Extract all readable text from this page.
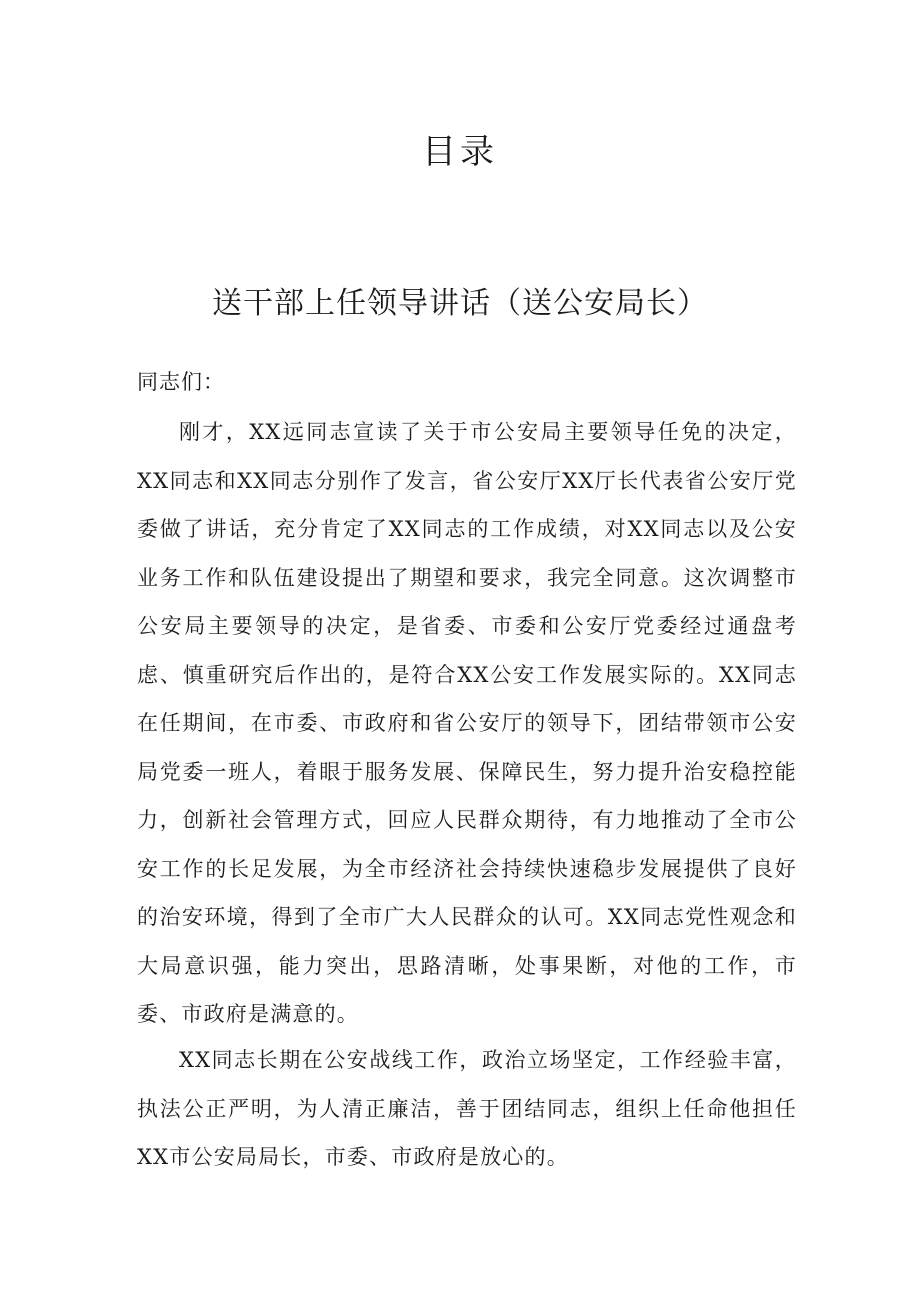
目录
送干部上任领导讲话（送公安局长）
同志们：

刚才，XX远同志宣读了关于市公安局主要领导任免的决定，XX同志和XX同志分别作了发言，省公安厅XX厅长代表省公安厅党委做了讲话，充分肯定了XX同志的工作成绩，对XX同志以及公安业务工作和队伍建设提出了期望和要求，我完全同意。这次调整市公安局主要领导的决定，是省委、市委和公安厅党委经过通盘考虑、慎重研究后作出的，是符合XX公安工作发展实际的。XX同志在任期间，在市委、市政府和省公安厅的领导下，团结带领市公安局党委一班人，着眼于服务发展、保障民生，努力提升治安稳控能力，创新社会管理方式，回应人民群众期待，有力地推动了全市公安工作的长足发展，为全市经济社会持续快速稳步发展提供了良好的治安环境，得到了全市广大人民群众的认可。XX同志党性观念和大局意识强，能力突出，思路清晰，处事果断，对他的工作，市委、市政府是满意的。

XX同志长期在公安战线工作，政治立场坚定，工作经验丰富，执法公正严明，为人清正廉洁，善于团结同志，组织上任命他担任XX市公安局局长，市委、市政府是放心的。
